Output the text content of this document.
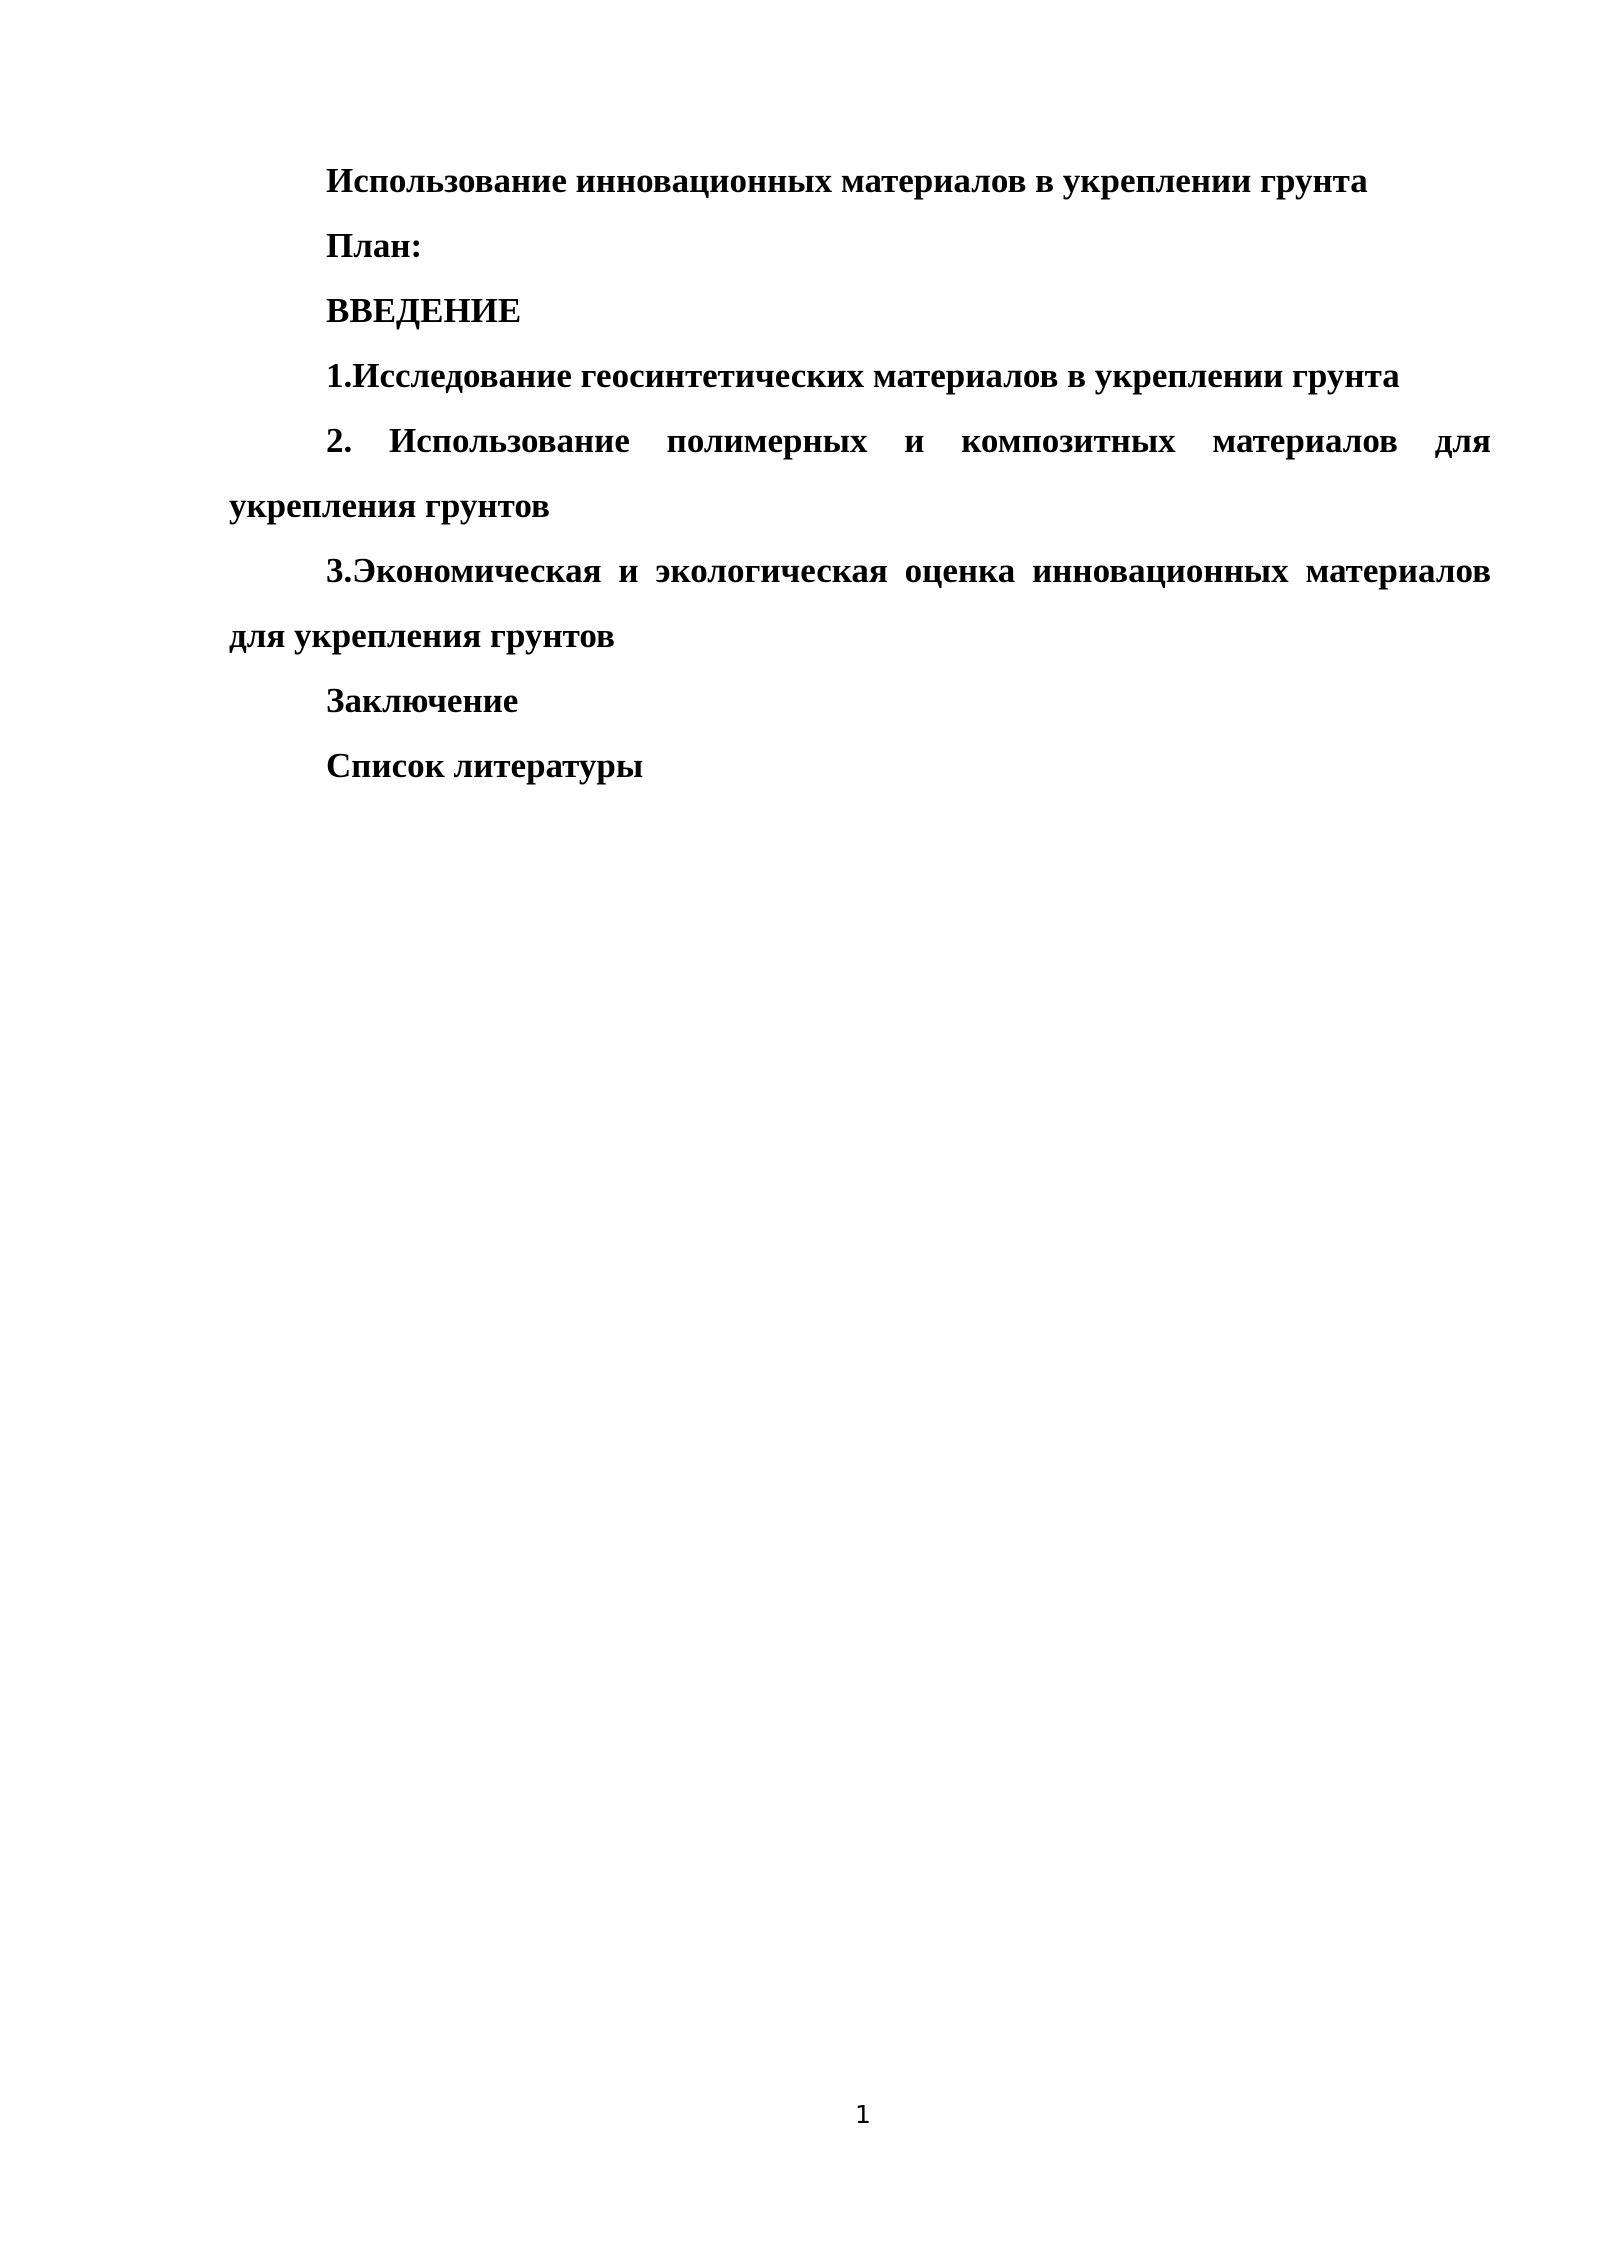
Использование инновационных материалов в укреплении грунта

План:

ВВЕДЕНИЕ

1.Исследование геосинтетических материалов в укреплении грунта

2. Использование полимерных и композитных материалов для укрепления грунтов

3.Экономическая и экологическая оценка инновационных материалов для укрепления грунтов

Заключение

Список литературы

1
